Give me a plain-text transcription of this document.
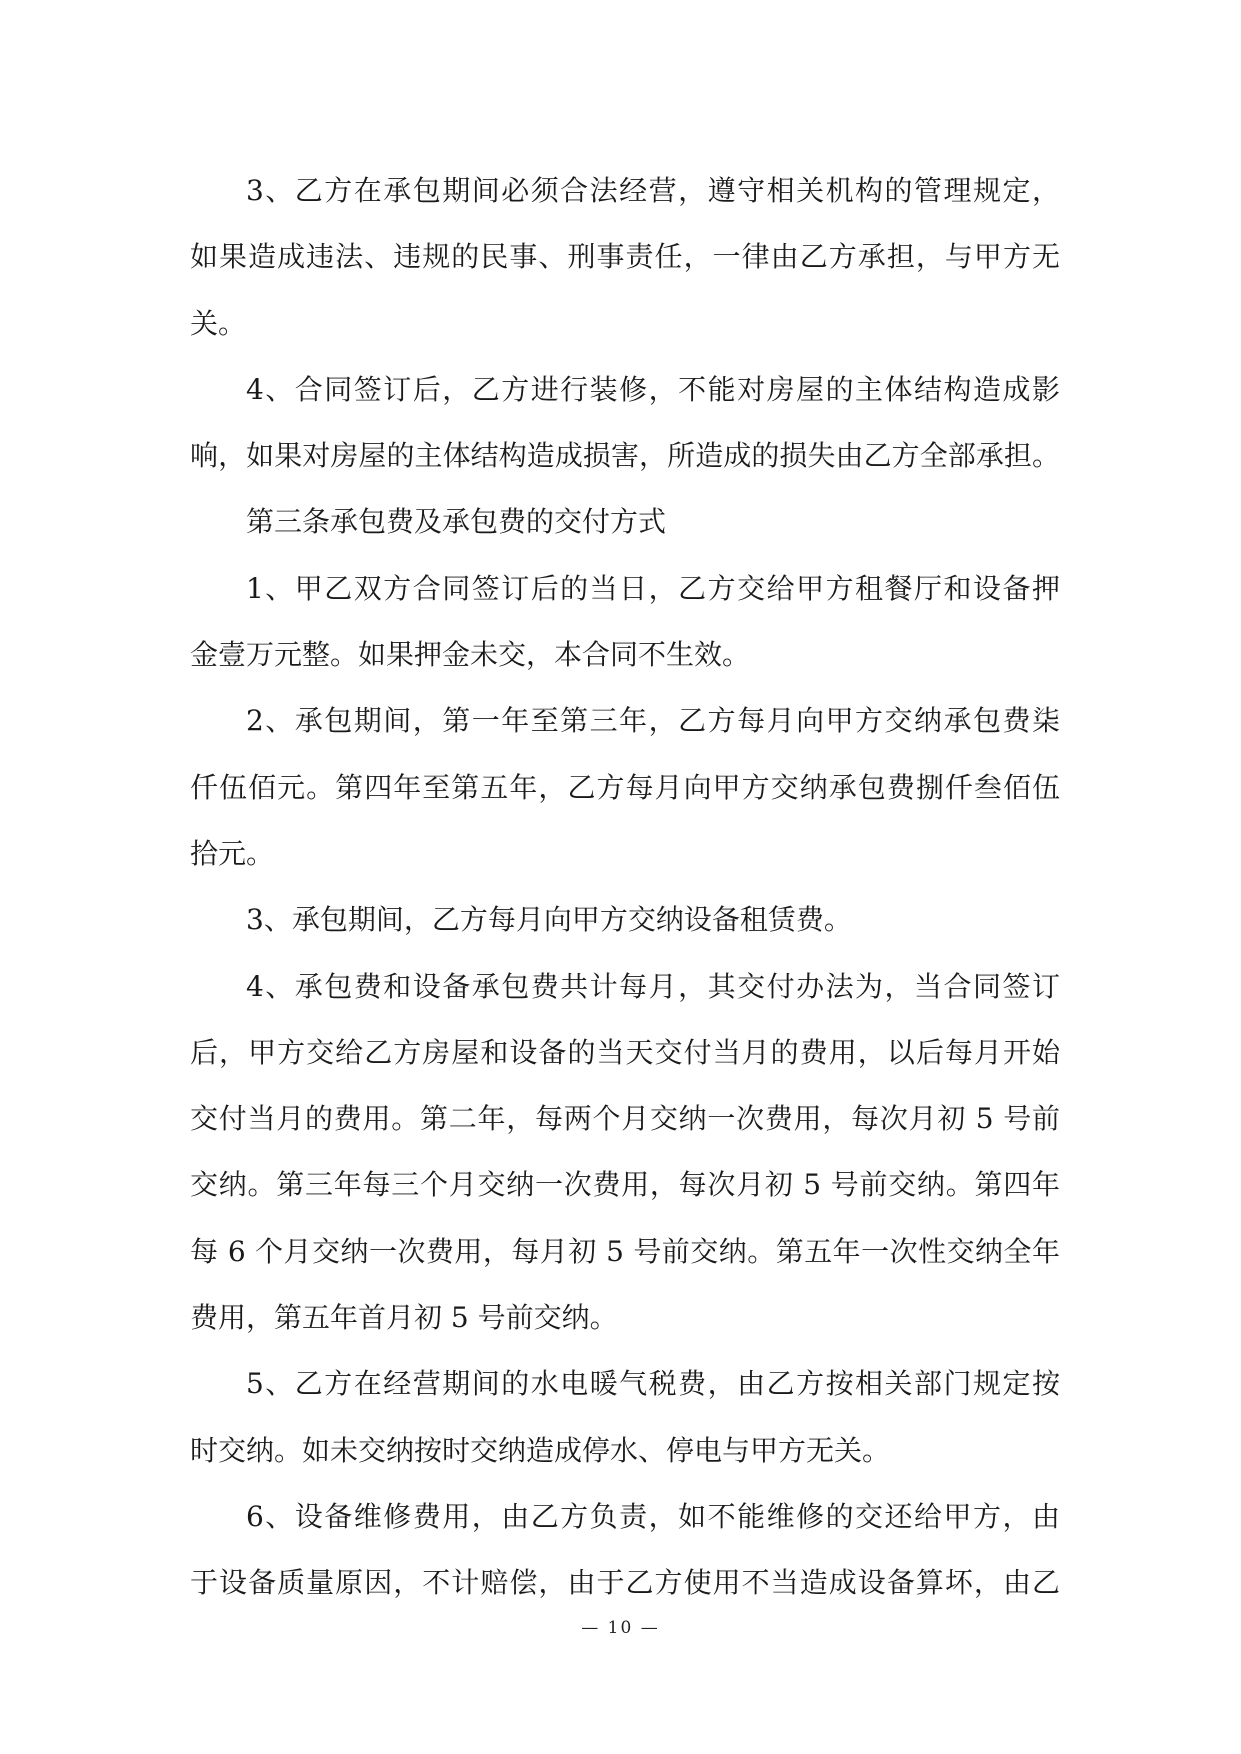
3、乙方在承包期间必须合法经营，遵守相关机构的管理规定，
如果造成违法、违规的民事、刑事责任，一律由乙方承担，与甲方无
关。
4、合同签订后，乙方进行装修，不能对房屋的主体结构造成影
响，如果对房屋的主体结构造成损害，所造成的损失由乙方全部承担。
第三条承包费及承包费的交付方式
1、甲乙双方合同签订后的当日，乙方交给甲方租餐厅和设备押
金壹万元整。如果押金未交，本合同不生效。
2、承包期间，第一年至第三年，乙方每月向甲方交纳承包费柒
仟伍佰元。第四年至第五年，乙方每月向甲方交纳承包费捌仟叁佰伍
拾元。
3、承包期间，乙方每月向甲方交纳设备租赁费。
4、承包费和设备承包费共计每月，其交付办法为，当合同签订
后，甲方交给乙方房屋和设备的当天交付当月的费用，以后每月开始
交付当月的费用。第二年，每两个月交纳一次费用，每次月初 5 号前
交纳。第三年每三个月交纳一次费用，每次月初 5 号前交纳。第四年
每 6 个月交纳一次费用，每月初 5 号前交纳。第五年一次性交纳全年
费用，第五年首月初 5 号前交纳。
5、乙方在经营期间的水电暖气税费，由乙方按相关部门规定按
时交纳。如未交纳按时交纳造成停水、停电与甲方无关。
6、设备维修费用，由乙方负责，如不能维修的交还给甲方，由
于设备质量原因，不计赔偿，由于乙方使用不当造成设备算坏，由乙
— 10 —
